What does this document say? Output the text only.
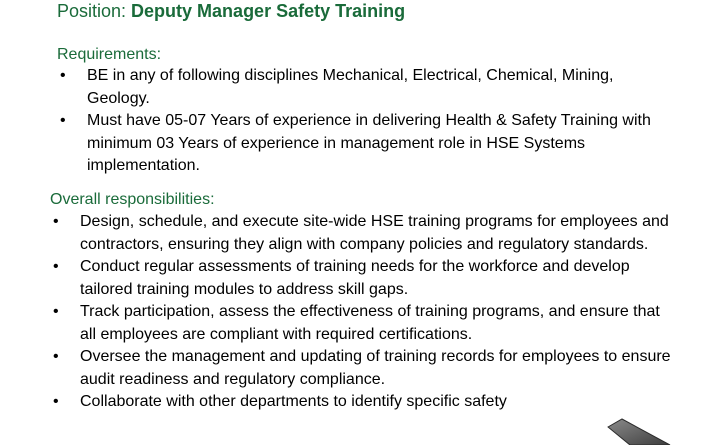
Position: Deputy Manager Safety Training
Requirements:
• BE in any of following disciplines Mechanical, Electrical, Chemical, Mining, Geology.
• Must have 05-07 Years of experience in delivering Health & Safety Training with minimum 03 Years of experience in management role in HSE Systems implementation.
Overall responsibilities:
• Design, schedule, and execute site-wide HSE training programs for employees and contractors, ensuring they align with company policies and regulatory standards.
• Conduct regular assessments of training needs for the workforce and develop tailored training modules to address skill gaps.
• Track participation, assess the effectiveness of training programs, and ensure that all employees are compliant with required certifications.
• Oversee the management and updating of training records for employees to ensure audit readiness and regulatory compliance.
• Collaborate with other departments to identify specific safety
